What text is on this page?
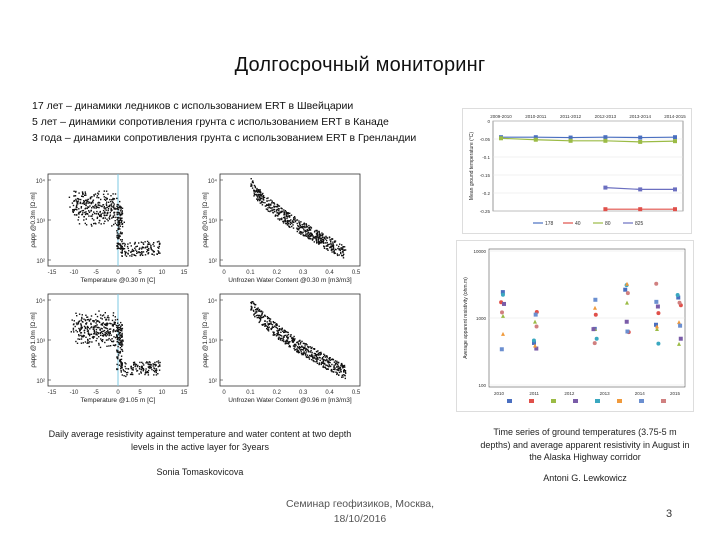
Долгосрочный мониторинг
17 лет – динамики ледников с использованием ERT в Швейцарии
5 лет – динамики сопротивления грунта с использованием ERT в Канаде
3 года – динамики сопротивления грунта с использованием ERT в Гренландии
10⁴
10³
10²
-15 -10 -5	0	5	10	15
Temperature @0.30 m [C]
ρapp @0.3m [Ω·m]
10⁴
10³
10²
0	0.1	0.2	0.3	0.4	0.5
Unfrozen Water Content @0.30 m [m3/m3]
ρapp @0.3m [Ω·m]
10⁴
10³
10²
-15 -10 -5	0	5	10	15
Temperature @1.05 m [C]
ρapp @1.0m [Ω·m]
10⁴
10³
10²
0	0.1	0.2	0.3	0.4	0.5
Unfrozen Water Content @0.96 m [m3/m3]
ρapp @1.0m [Ω·m]
Daily average resistivity against temperature and water content at two depth levels in the active layer for 3years
Sonia Tomaskovicova
0
-0.05
-0.1
-0.15
-0.2
-0.25
2009-2010	2010-2011	2011-2012	2012-2013	2013-2014	2014-2015
Mean ground temperature (°C)
178	40	80	825
10000
1000
100
2010	2011	2012	2013	2014	2015
Average apparent resistivity (ohm.m)
Time series of ground temperatures (3.75-5 m depths) and average apparent resistivity in August in the Alaska Highway corridor
Antoni G. Lewkowicz
Семинар геофизиков, Москва, 18/10/2016	3
